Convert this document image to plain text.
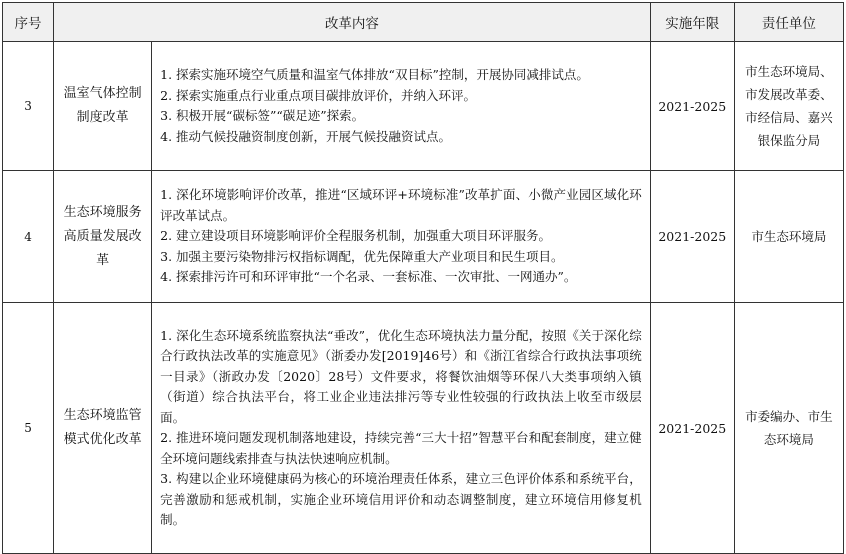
序号	改革内容		实施年限	责任单位
3	温室气体控制制度改革	1. 探索实施环境空气质量和温室气体排放“双目标”控制，开展协同减排试点。
2. 探索实施重点行业重点项目碳排放评价，并纳入环评。
3. 积极开展“碳标签”“碳足迹”探索。
4. 推动气候投融资制度创新，开展气候投融资试点。	2021-2025	市生态环境局、市发展改革委、市经信局、嘉兴银保监分局
4	生态环境服务高质量发展改革	1. 深化环境影响评价改革，推进“区域环评+环境标准”改革扩面、小微产业园区域化环评改革试点。
2. 建立建设项目环境影响评价全程服务机制，加强重大项目环评服务。
3. 加强主要污染物排污权指标调配，优先保障重大产业项目和民生项目。
4. 探索排污许可和环评审批“一个名录、一套标准、一次审批、一网通办”。	2021-2025	市生态环境局
5	生态环境监管模式优化改革	1. 深化生态环境系统监察执法“垂改”，优化生态环境执法力量分配，按照《关于深化综合行政执法改革的实施意见》（浙委办发[2019]46号）和《浙江省综合行政执法事项统一目录》（浙政办发〔2020〕28号）文件要求，将餐饮油烟等环保八大类事项纳入镇（街道）综合执法平台，将工业企业违法排污等专业性较强的行政执法上收至市级层面。
2. 推进环境问题发现机制落地建设，持续完善“三大十招”智慧平台和配套制度，建立健全环境问题线索排查与执法快速响应机制。
3. 构建以企业环境健康码为核心的环境治理责任体系，建立三色评价体系和系统平台，完善激励和惩戒机制，实施企业环境信用评价和动态调整制度，建立环境信用修复机制。	2021-2025	市委编办、市生态环境局
